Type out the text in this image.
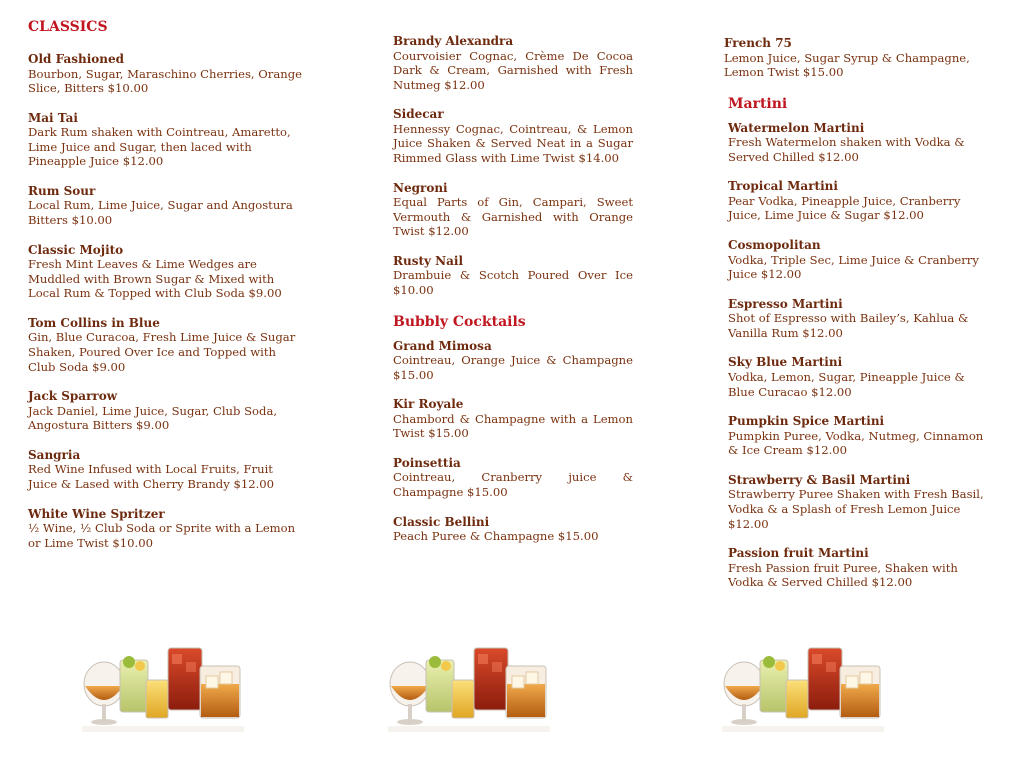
CLASSICS
Old Fashioned
Bourbon, Sugar, Maraschino Cherries, Orange Slice, Bitters $10.00
Mai Tai
Dark Rum shaken with Cointreau, Amaretto, Lime Juice and Sugar, then laced with Pineapple Juice $12.00
Rum Sour
Local Rum, Lime Juice, Sugar and Angostura Bitters $10.00
Classic Mojito
Fresh Mint Leaves & Lime Wedges are Muddled with Brown Sugar & Mixed with Local Rum & Topped with Club Soda $9.00
Tom Collins in Blue
Gin, Blue Curacoa, Fresh Lime Juice & Sugar Shaken, Poured Over Ice and Topped with Club Soda $9.00
Jack Sparrow
Jack Daniel, Lime Juice, Sugar, Club Soda, Angostura Bitters $9.00
Sangria
Red Wine Infused with Local Fruits, Fruit Juice & Lased with Cherry Brandy $12.00
White Wine Spritzer
½ Wine, ½ Club Soda or Sprite with a Lemon or Lime Twist $10.00
Brandy Alexandra
Courvoisier Cognac, Crème De Cocoa Dark & Cream, Garnished with Fresh Nutmeg $12.00
Sidecar
Hennessy Cognac, Cointreau, & Lemon Juice Shaken & Served Neat in a Sugar Rimmed Glass with Lime Twist $14.00
Negroni
Equal Parts of Gin, Campari, Sweet Vermouth & Garnished with Orange Twist $12.00
Rusty Nail
Drambuie & Scotch Poured Over Ice $10.00
Bubbly Cocktails
Grand Mimosa
Cointreau, Orange Juice & Champagne $15.00
Kir Royale
Chambord & Champagne with a Lemon Twist $15.00
Poinsettia
Cointreau, Cranberry juice & Champagne $15.00
Classic Bellini
Peach Puree & Champagne $15.00
French 75
Lemon Juice, Sugar Syrup & Champagne, Lemon Twist $15.00
Martini
Watermelon Martini
Fresh Watermelon shaken with Vodka & Served Chilled $12.00
Tropical Martini
Pear Vodka, Pineapple Juice, Cranberry Juice, Lime Juice & Sugar $12.00
Cosmopolitan
Vodka, Triple Sec, Lime Juice & Cranberry Juice $12.00
Espresso Martini
Shot of Espresso with Bailey’s, Kahlua & Vanilla Rum $12.00
Sky Blue Martini
Vodka, Lemon, Sugar, Pineapple Juice & Blue Curacao $12.00
Pumpkin Spice Martini
Pumpkin Puree, Vodka, Nutmeg, Cinnamon & Ice Cream $12.00
Strawberry & Basil Martini
Strawberry Puree Shaken with Fresh Basil, Vodka & a Splash of Fresh Lemon Juice $12.00
Passion fruit Martini
Fresh Passion fruit Puree, Shaken with Vodka & Served Chilled $12.00
